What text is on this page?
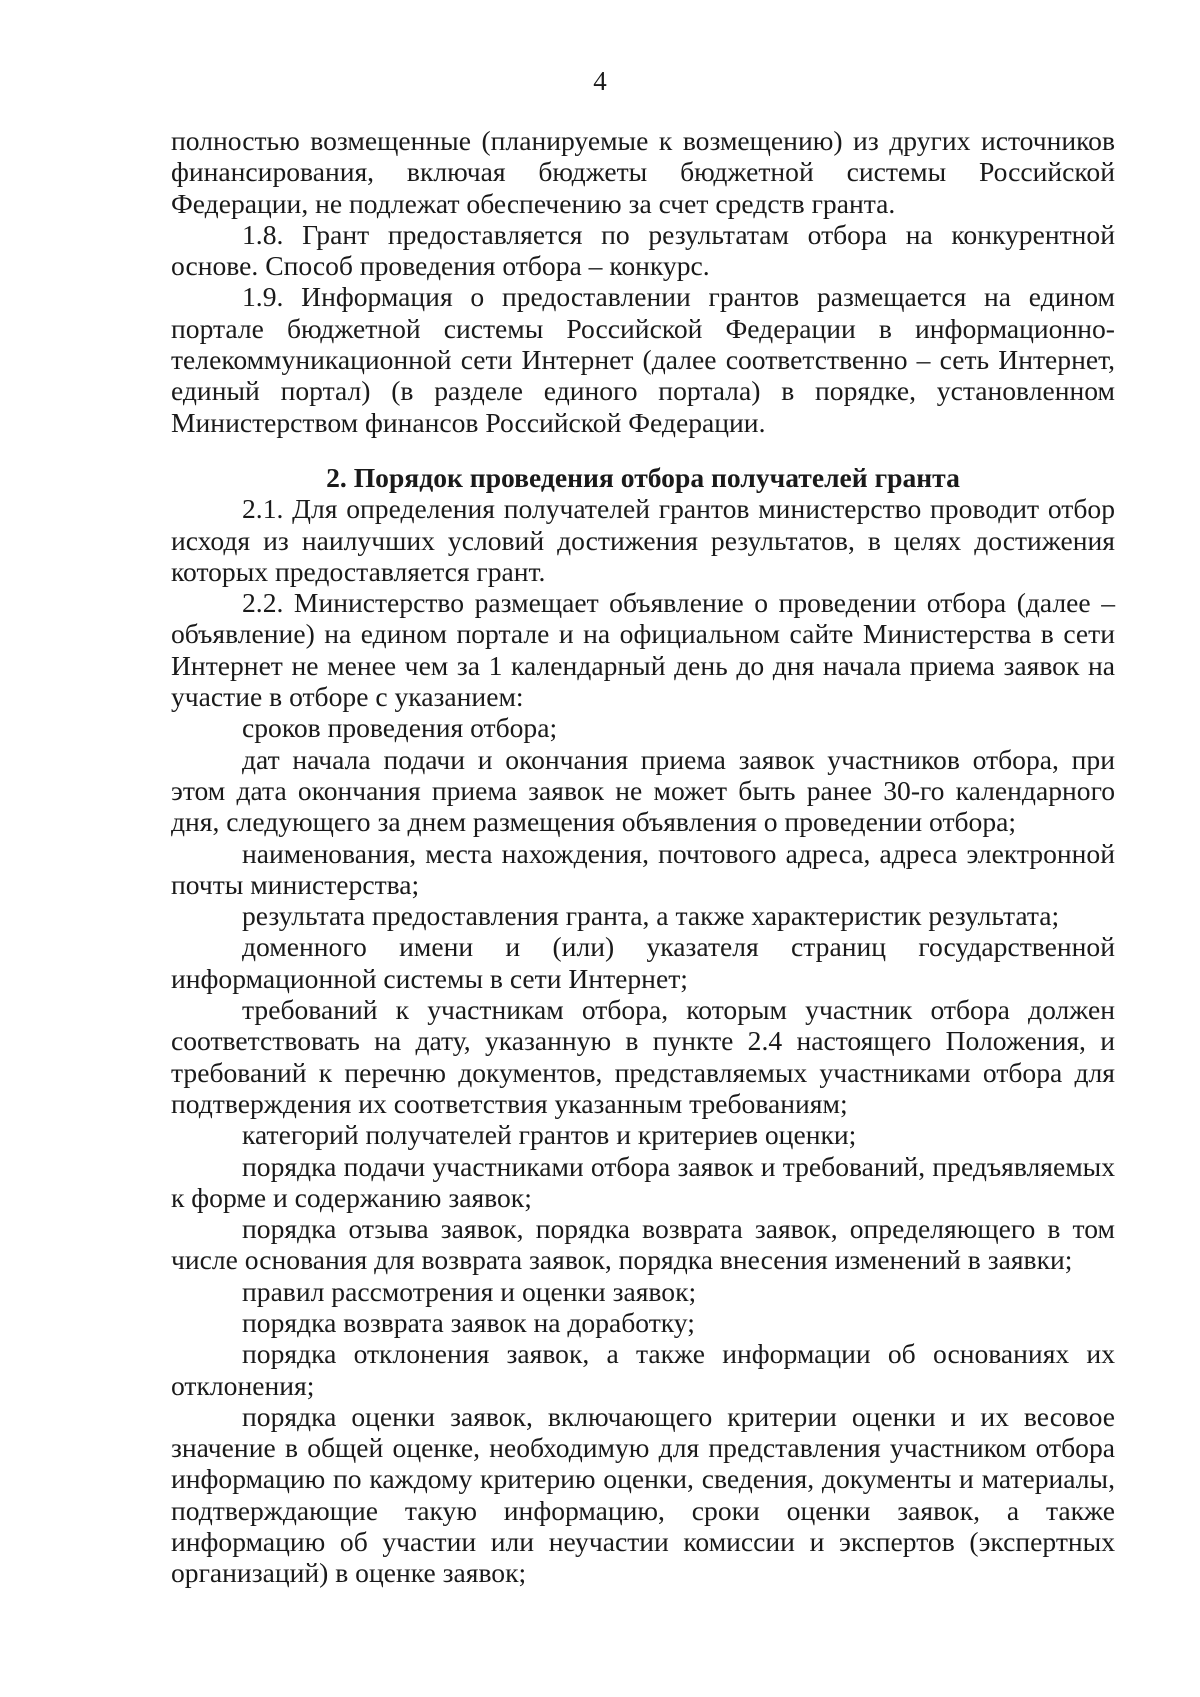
4

полностью возмещенные (планируемые к возмещению) из других источников финансирования, включая бюджеты бюджетной системы Российской Федерации, не подлежат обеспечению за счет средств гранта.

1.8. Грант предоставляется по результатам отбора на конкурентной основе. Способ проведения отбора – конкурс.

1.9. Информация о предоставлении грантов размещается на едином портале бюджетной системы Российской Федерации в информационно-телекоммуникационной сети Интернет (далее соответственно – сеть Интернет, единый портал) (в разделе единого портала) в порядке, установленном Министерством финансов Российской Федерации.

2. Порядок проведения отбора получателей гранта

2.1. Для определения получателей грантов министерство проводит отбор исходя из наилучших условий достижения результатов, в целях достижения которых предоставляется грант.

2.2. Министерство размещает объявление о проведении отбора (далее – объявление) на едином портале и на официальном сайте Министерства в сети Интернет не менее чем за 1 календарный день до дня начала приема заявок на участие в отборе с указанием:

сроков проведения отбора;

дат начала подачи и окончания приема заявок участников отбора, при этом дата окончания приема заявок не может быть ранее 30-го календарного дня, следующего за днем размещения объявления о проведении отбора;

наименования, места нахождения, почтового адреса, адреса электронной почты министерства;

результата предоставления гранта, а также характеристик результата;

доменного имени и (или) указателя страниц государственной информационной системы в сети Интернет;

требований к участникам отбора, которым участник отбора должен соответствовать на дату, указанную в пункте 2.4 настоящего Положения, и требований к перечню документов, представляемых участниками отбора для подтверждения их соответствия указанным требованиям;

категорий получателей грантов и критериев оценки;

порядка подачи участниками отбора заявок и требований, предъявляемых к форме и содержанию заявок;

порядка отзыва заявок, порядка возврата заявок, определяющего в том числе основания для возврата заявок, порядка внесения изменений в заявки;

правил рассмотрения и оценки заявок;

порядка возврата заявок на доработку;

порядка отклонения заявок, а также информации об основаниях их отклонения;

порядка оценки заявок, включающего критерии оценки и их весовое значение в общей оценке, необходимую для представления участником отбора информацию по каждому критерию оценки, сведения, документы и материалы, подтверждающие такую информацию, сроки оценки заявок, а также информацию об участии или неучастии комиссии и экспертов (экспертных организаций) в оценке заявок;
